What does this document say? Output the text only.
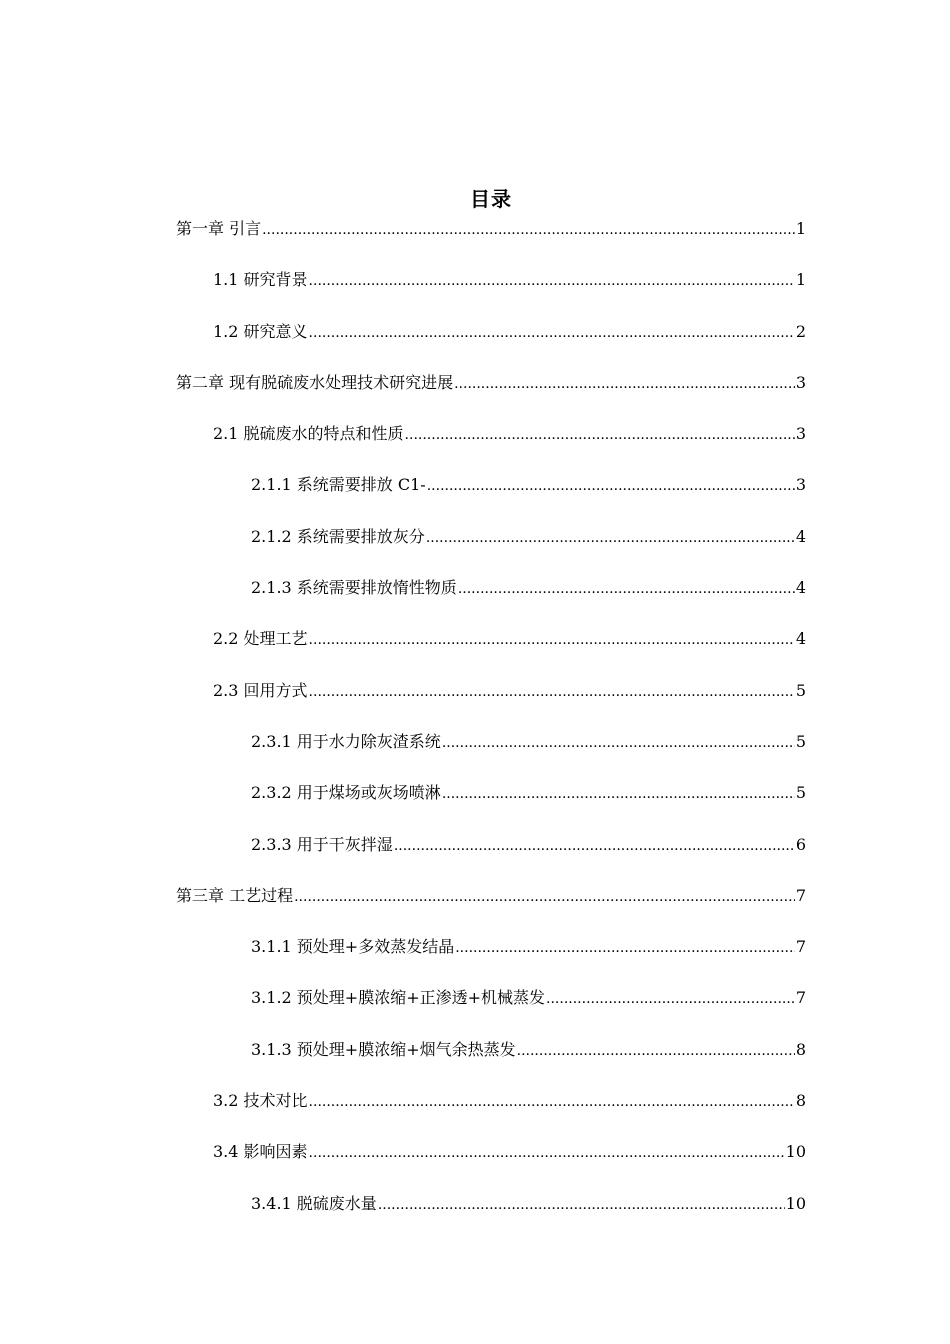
目录
第一章 引言 .....	1
1.1 研究背景 .....	1
1.2 研究意义 .....	2
第二章 现有脱硫废水处理技术研究进展 .....	3
2.1 脱硫废水的特点和性质 .....	3
2.1.1 系统需要排放 C1- .....	3
2.1.2 系统需要排放灰分 .....	4
2.1.3 系统需要排放惰性物质 .....	4
2.2 处理工艺 .....	4
2.3 回用方式 .....	5
2.3.1 用于水力除灰渣系统 .....	5
2.3.2 用于煤场或灰场喷淋 .....	5
2.3.3 用于干灰拌湿 .....	6
第三章 工艺过程 .....	7
3.1.1 预处理+多效蒸发结晶 .....	7
3.1.2 预处理+膜浓缩+正渗透+机械蒸发 .....	7
3.1.3 预处理+膜浓缩+烟气余热蒸发 .....	8
3.2 技术对比 .....	8
3.4 影响因素 .....	10
3.4.1 脱硫废水量 .....	10
